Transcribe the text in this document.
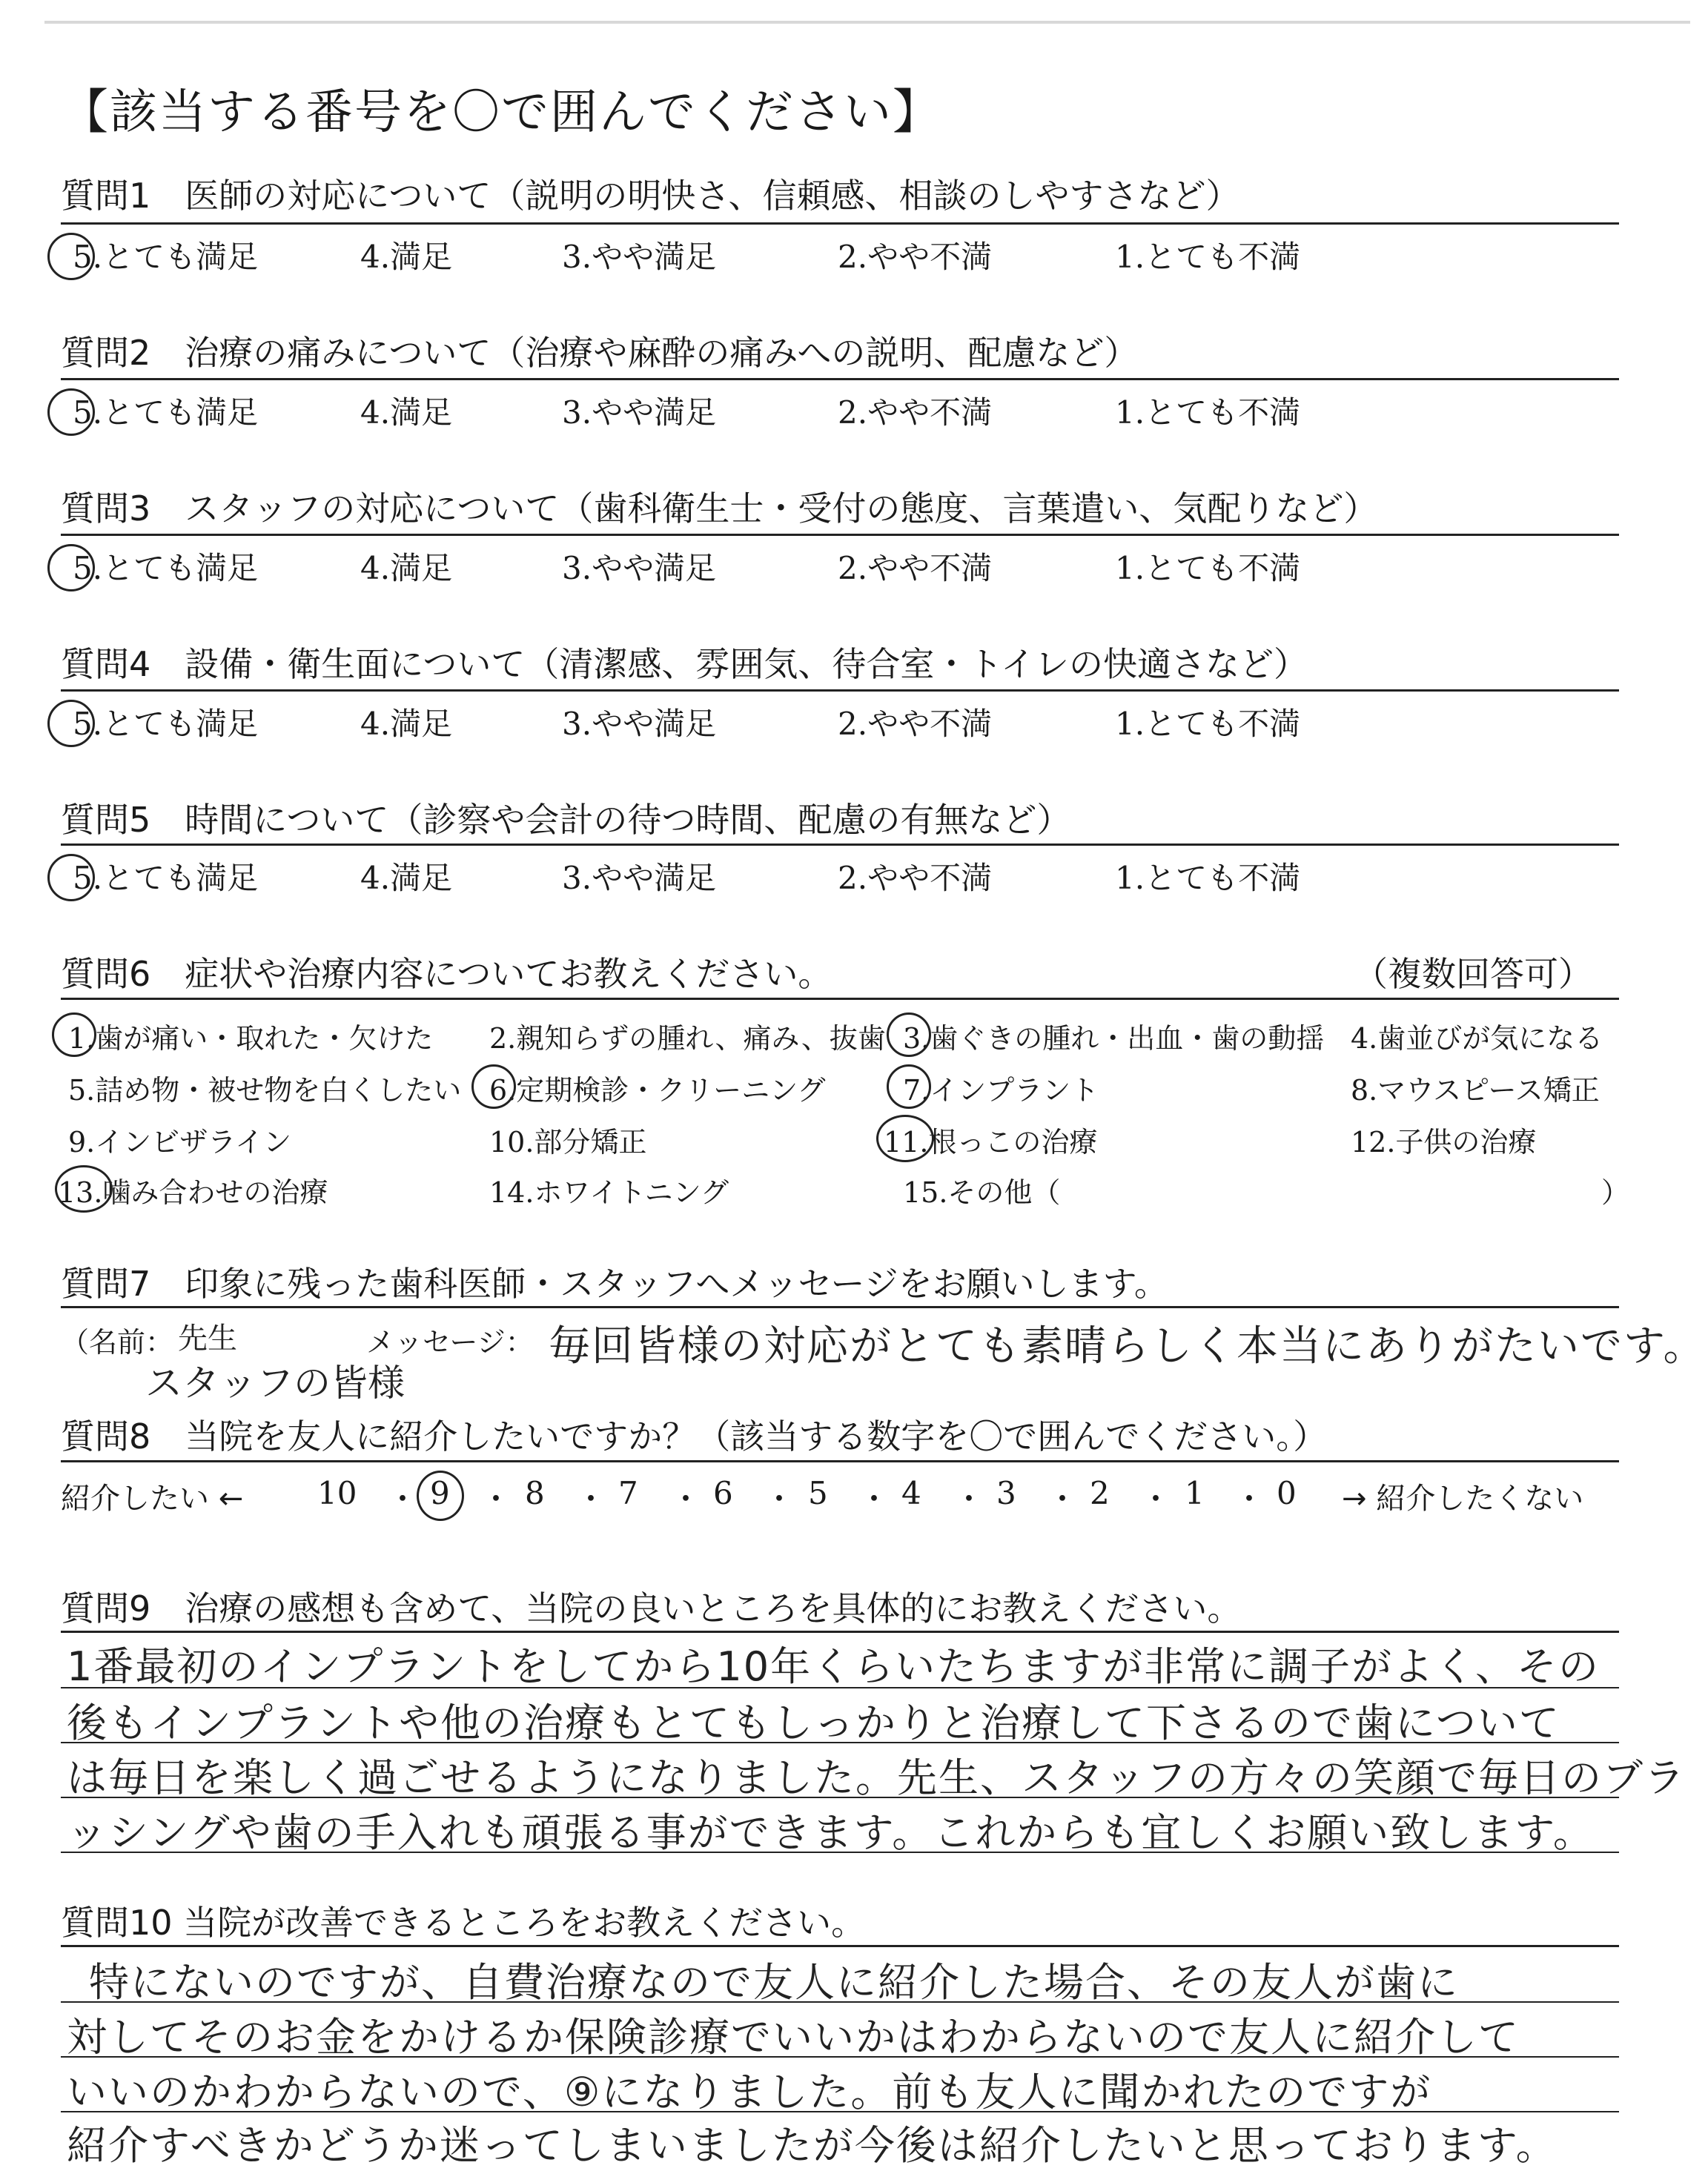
【該当する番号を〇で囲んでください】
質問1　医師の対応について（説明の明快さ、信頼感、相談のしやすさなど）
5.とても満足	4.満足	3.やや満足	2.やや不満	1.とても不満
質問2　治療の痛みについて（治療や麻酔の痛みへの説明、配慮など）
5.とても満足	4.満足	3.やや満足	2.やや不満	1.とても不満
質問3　スタッフの対応について（歯科衛生士・受付の態度、言葉遣い、気配りなど）
5.とても満足	4.満足	3.やや満足	2.やや不満	1.とても不満
質問4　設備・衛生面について（清潔感、雰囲気、待合室・トイレの快適さなど）
5.とても満足	4.満足	3.やや満足	2.やや不満	1.とても不満
質問5　時間について（診察や会計の待つ時間、配慮の有無など）
5.とても満足	4.満足	3.やや満足	2.やや不満	1.とても不満
質問6　症状や治療内容についてお教えください。	（複数回答可）
1.歯が痛い・取れた・欠けた 2.親知らずの腫れ、痛み、抜歯 3.歯ぐきの腫れ・出血・歯の動揺 4.歯並びが気になる
5.詰め物・被せ物を白くしたい 6.定期検診・クリーニング	7.インプラント	8.マウスピース矯正
9.インビザライン	10.部分矯正	11.根っこの治療	12.子供の治療
13.噛み合わせの治療	14.ホワイトニング	15.その他（	）
質問7　印象に残った歯科医師・スタッフへメッセージをお願いします。
（名前： 先生
スタッフの皆様
メッセージ： 毎回皆様の対応がとても素晴らしく本当にありがたいです。
質問8　当院を友人に紹介したいですか？（該当する数字を〇で囲んでください。）
紹介したい ←	→ 紹介したくない
10 ・ 9 ・ 8 ・ 7 ・ 6 ・ 5 ・ 4 ・ 3 ・ 2 ・ 1 ・ 0
質問9　治療の感想も含めて、当院の良いところを具体的にお教えください。
1番最初のインプラントをしてから10年くらいたちますが非常に調子がよく、その
後もインプラントや他の治療もとてもしっかりと治療して下さるので歯について
は毎日を楽しく過ごせるようになりました。先生、スタッフの方々の笑顔で毎日のブラ
ッシングや歯の手入れも頑張る事ができます。これからも宜しくお願い致します。
質問10 当院が改善できるところをお教えください。
特にないのですが、自費治療なので友人に紹介した場合、その友人が歯に
対してそのお金をかけるか保険診療でいいかはわからないので友人に紹介して
いいのかわからないので、⑨になりました。前も友人に聞かれたのですが
紹介すべきかどうか迷ってしまいましたが今後は紹介したいと思っております。
